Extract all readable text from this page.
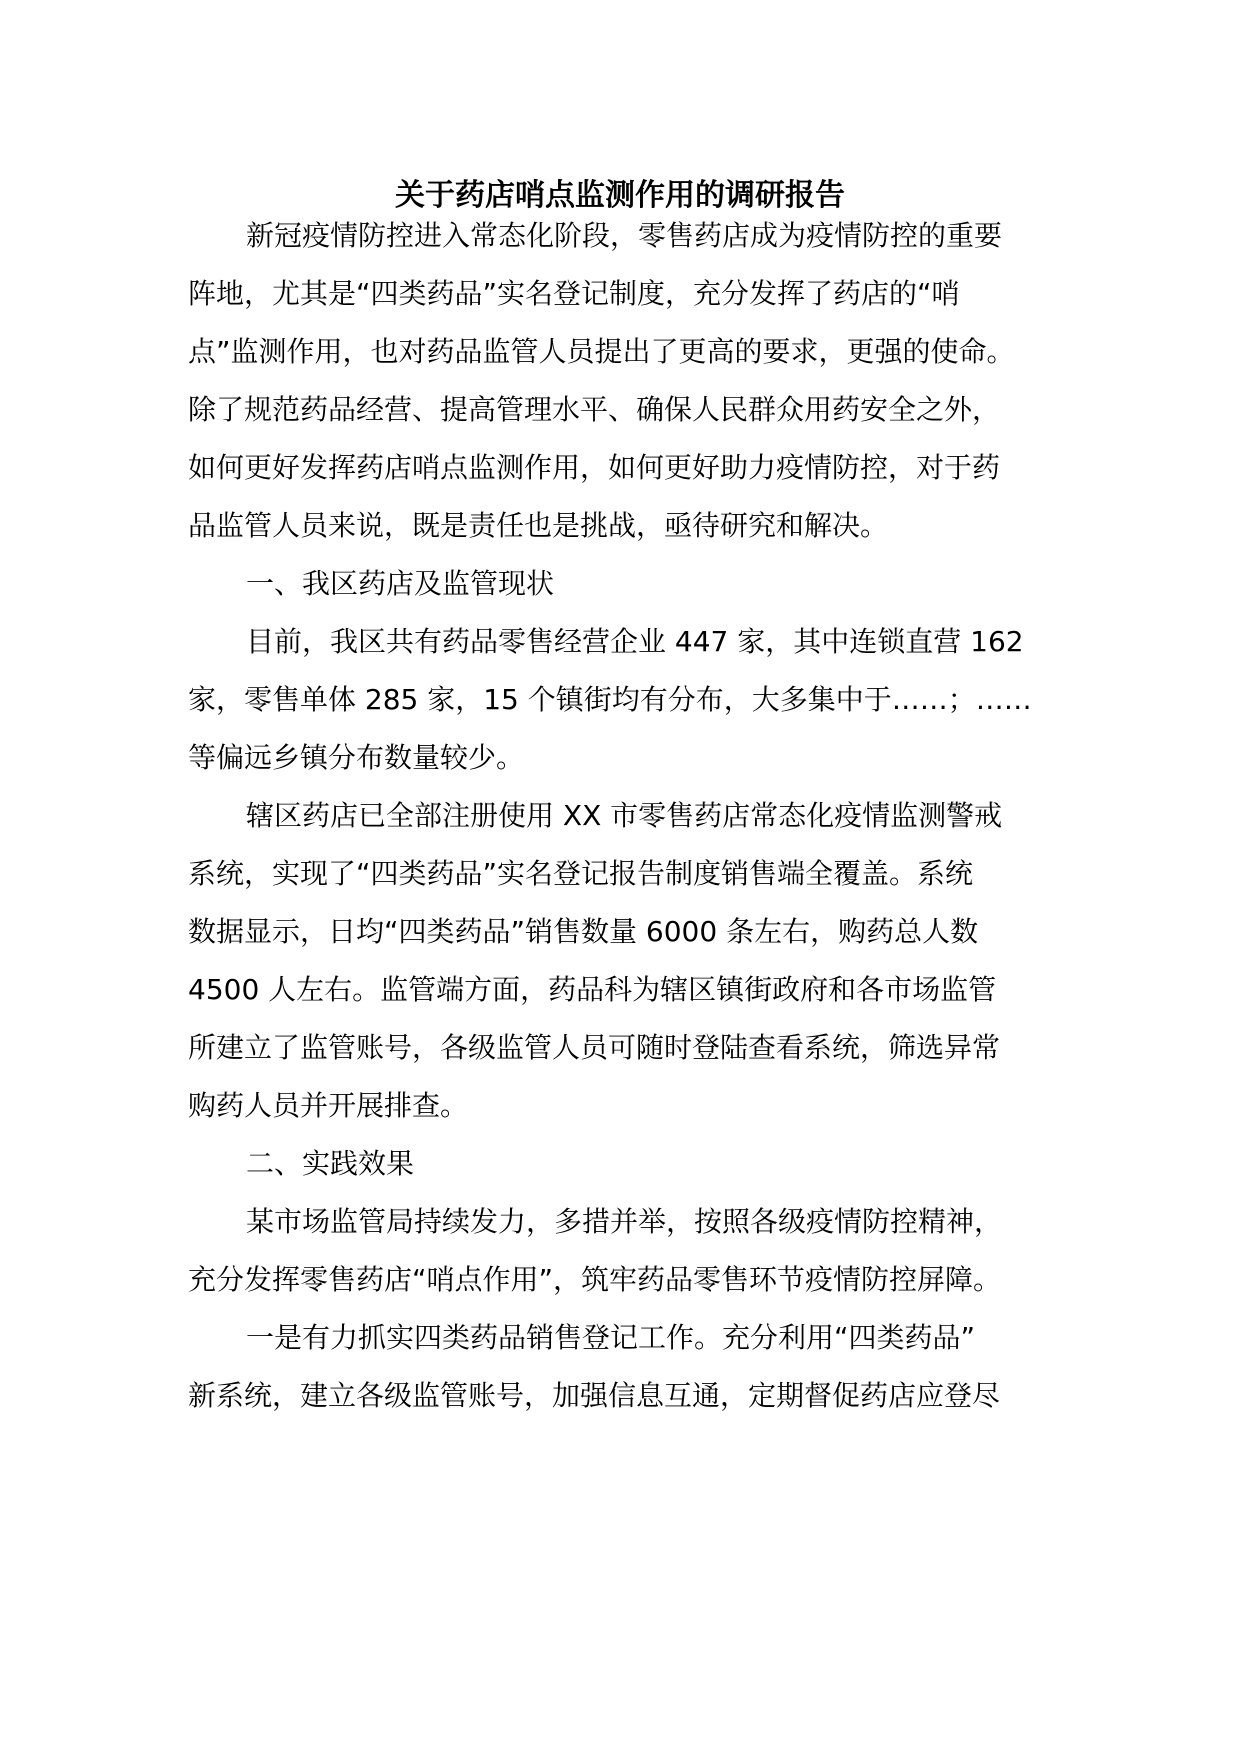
关于药店哨点监测作用的调研报告
新冠疫情防控进入常态化阶段，零售药店成为疫情防控的重要
阵地，尤其是“四类药品”实名登记制度，充分发挥了药店的“哨
点”监测作用，也对药品监管人员提出了更高的要求，更强的使命。
除了规范药品经营、提高管理水平、确保人民群众用药安全之外，
如何更好发挥药店哨点监测作用，如何更好助力疫情防控，对于药
品监管人员来说，既是责任也是挑战，亟待研究和解决。
一、我区药店及监管现状
目前，我区共有药品零售经营企业 447 家，其中连锁直营 162
家，零售单体 285 家，15 个镇街均有分布，大多集中于……；……
等偏远乡镇分布数量较少。
辖区药店已全部注册使用 XX 市零售药店常态化疫情监测警戒
系统，实现了“四类药品”实名登记报告制度销售端全覆盖。系统
数据显示，日均“四类药品”销售数量 6000 条左右，购药总人数
4500 人左右。监管端方面，药品科为辖区镇街政府和各市场监管
所建立了监管账号，各级监管人员可随时登陆查看系统，筛选异常
购药人员并开展排查。
二、实践效果
某市场监管局持续发力，多措并举，按照各级疫情防控精神，
充分发挥零售药店“哨点作用”，筑牢药品零售环节疫情防控屏障。
一是有力抓实四类药品销售登记工作。充分利用“四类药品”
新系统，建立各级监管账号，加强信息互通，定期督促药店应登尽
